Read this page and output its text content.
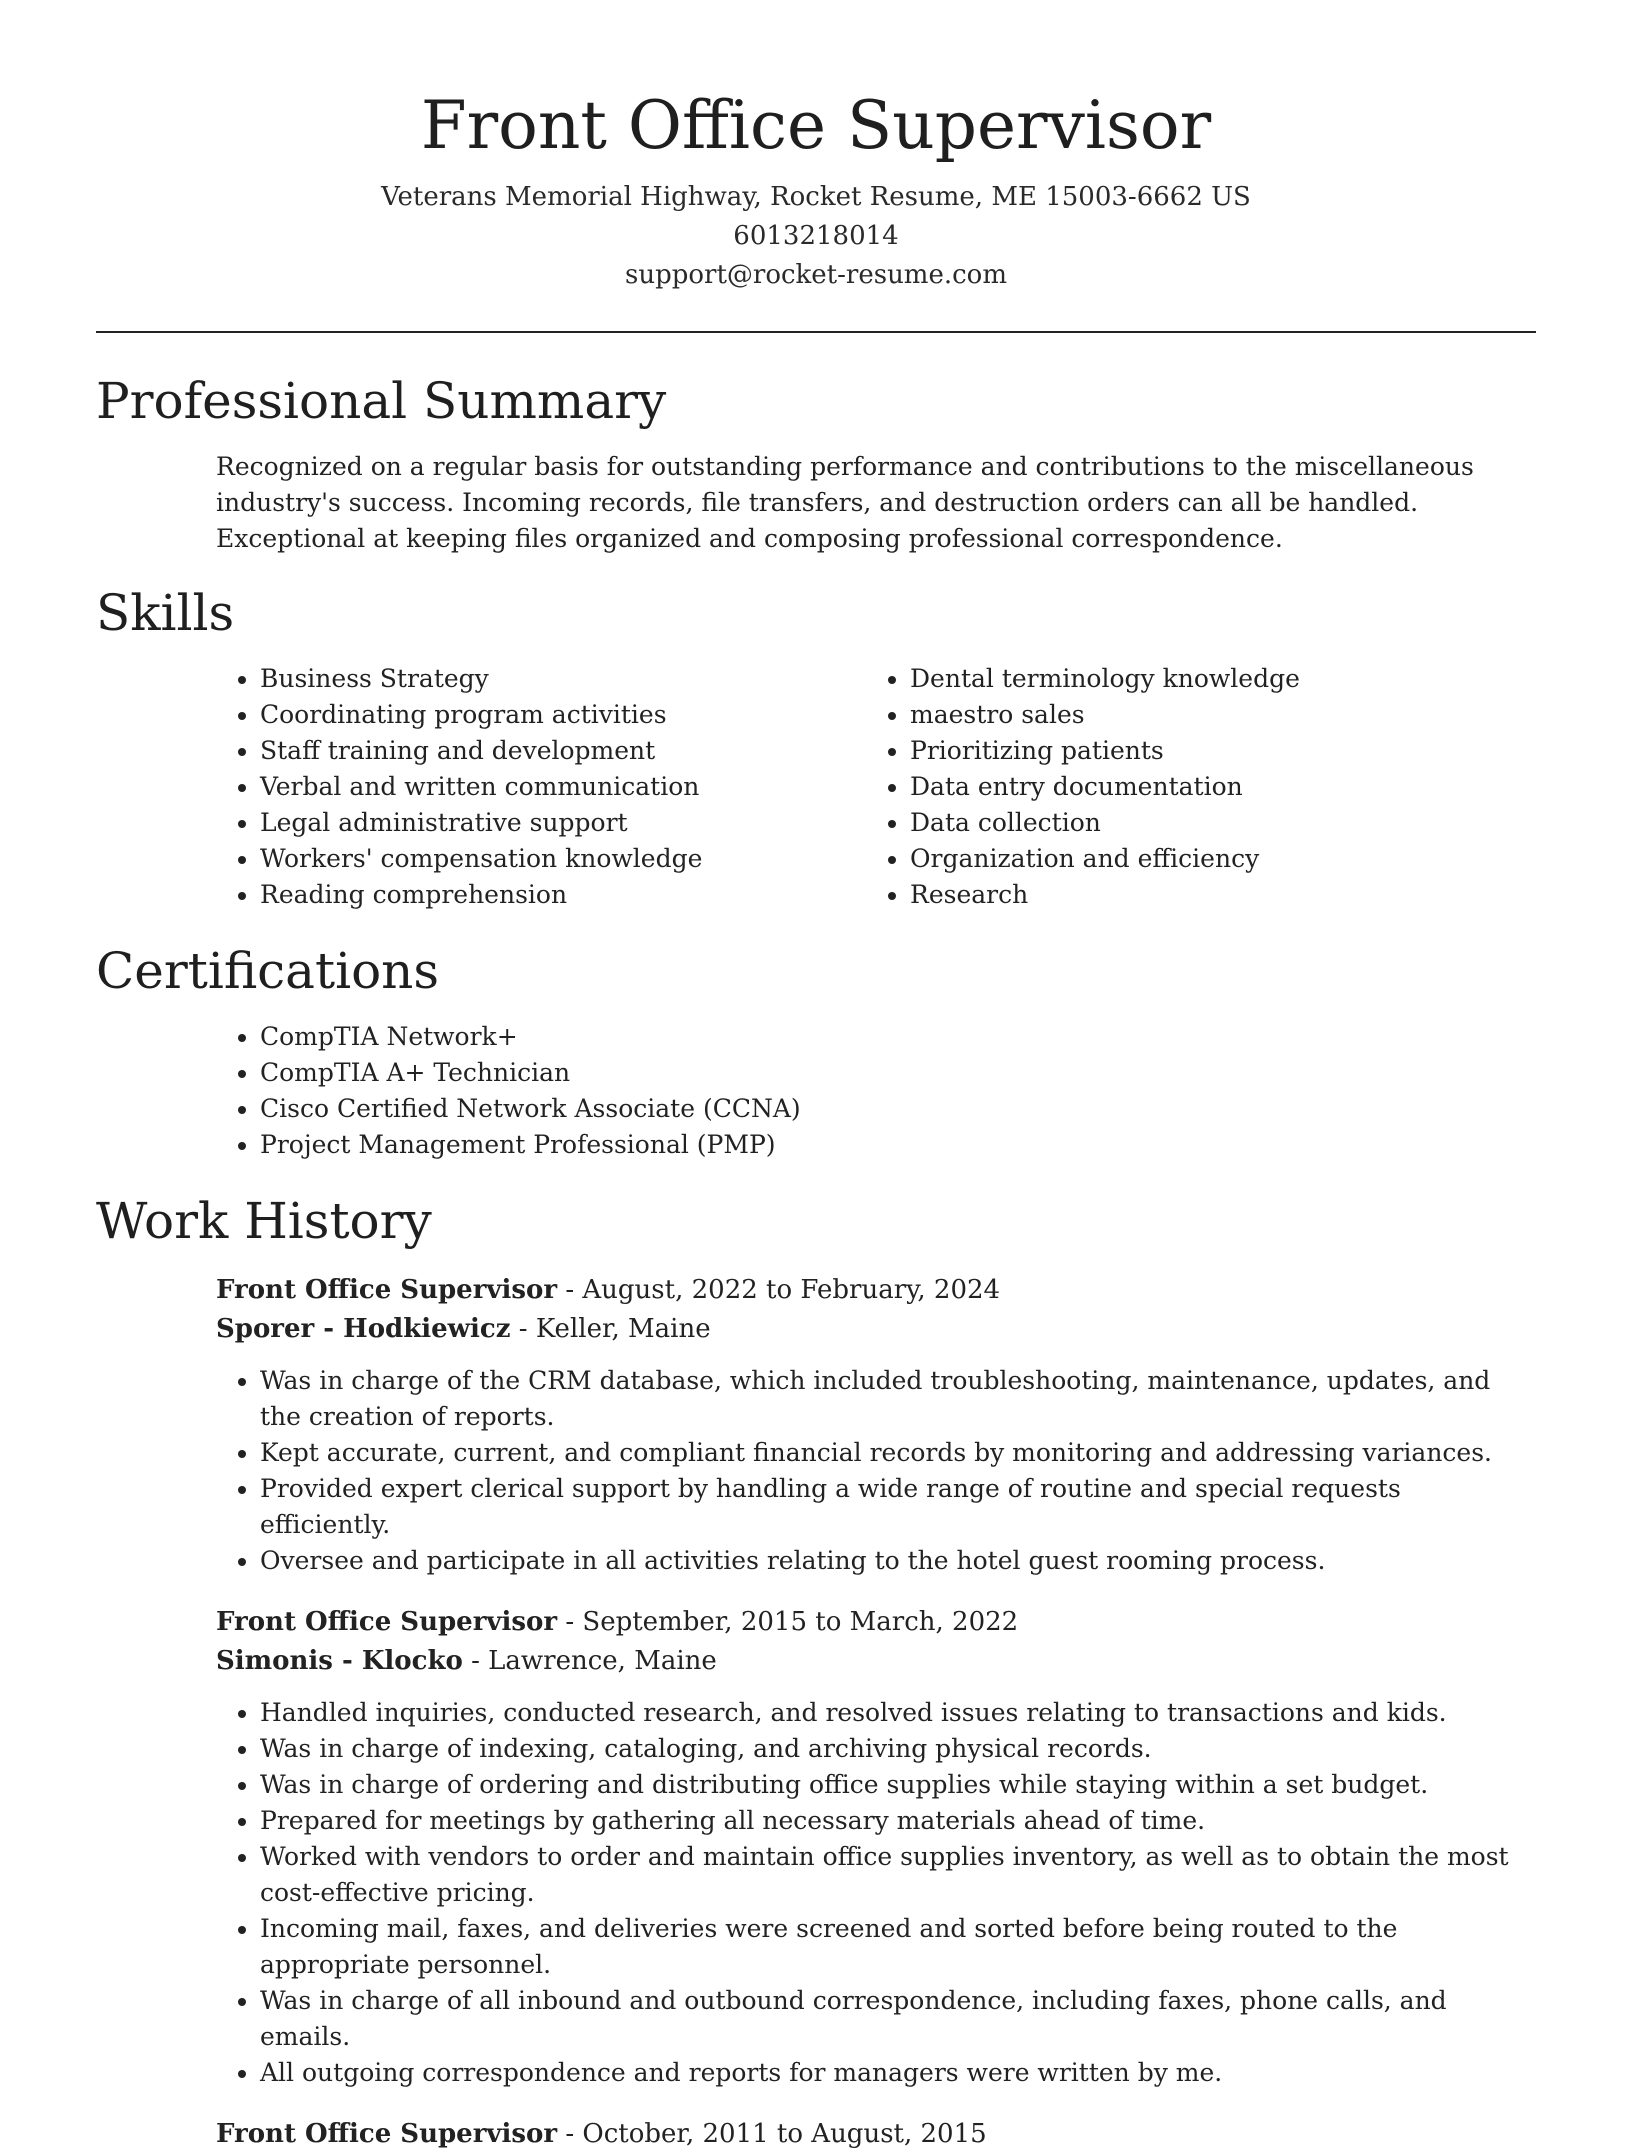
Front Office Supervisor
Veterans Memorial Highway, Rocket Resume, ME 15003-6662 US
6013218014
support@rocket-resume.com
Professional Summary

Recognized on a regular basis for outstanding performance and contributions to the miscellaneous industry's success. Incoming records, file transfers, and destruction orders can all be handled. Exceptional at keeping files organized and composing professional correspondence.

Skills
• Business Strategy
• Coordinating program activities
• Staff training and development
• Verbal and written communication
• Legal administrative support
• Workers' compensation knowledge
• Reading comprehension
• Dental terminology knowledge
• maestro sales
• Prioritizing patients
• Data entry documentation
• Data collection
• Organization and efficiency
• Research
Certifications
• CompTIA Network+
• CompTIA A+ Technician
• Cisco Certified Network Associate (CCNA)
• Project Management Professional (PMP)
Work History
Front Office Supervisor - August, 2022 to February, 2024
Sporer - Hodkiewicz - Keller, Maine
• Was in charge of the CRM database, which included troubleshooting, maintenance, updates, and the creation of reports.
• Kept accurate, current, and compliant financial records by monitoring and addressing variances.
• Provided expert clerical support by handling a wide range of routine and special requests efficiently.
• Oversee and participate in all activities relating to the hotel guest rooming process.
Front Office Supervisor - September, 2015 to March, 2022
Simonis - Klocko - Lawrence, Maine
• Handled inquiries, conducted research, and resolved issues relating to transactions and kids.
• Was in charge of indexing, cataloging, and archiving physical records.
• Was in charge of ordering and distributing office supplies while staying within a set budget.
• Prepared for meetings by gathering all necessary materials ahead of time.
• Worked with vendors to order and maintain office supplies inventory, as well as to obtain the most cost-effective pricing.
• Incoming mail, faxes, and deliveries were screened and sorted before being routed to the appropriate personnel.
• Was in charge of all inbound and outbound correspondence, including faxes, phone calls, and emails.
• All outgoing correspondence and reports for managers were written by me.
Front Office Supervisor - October, 2011 to August, 2015
